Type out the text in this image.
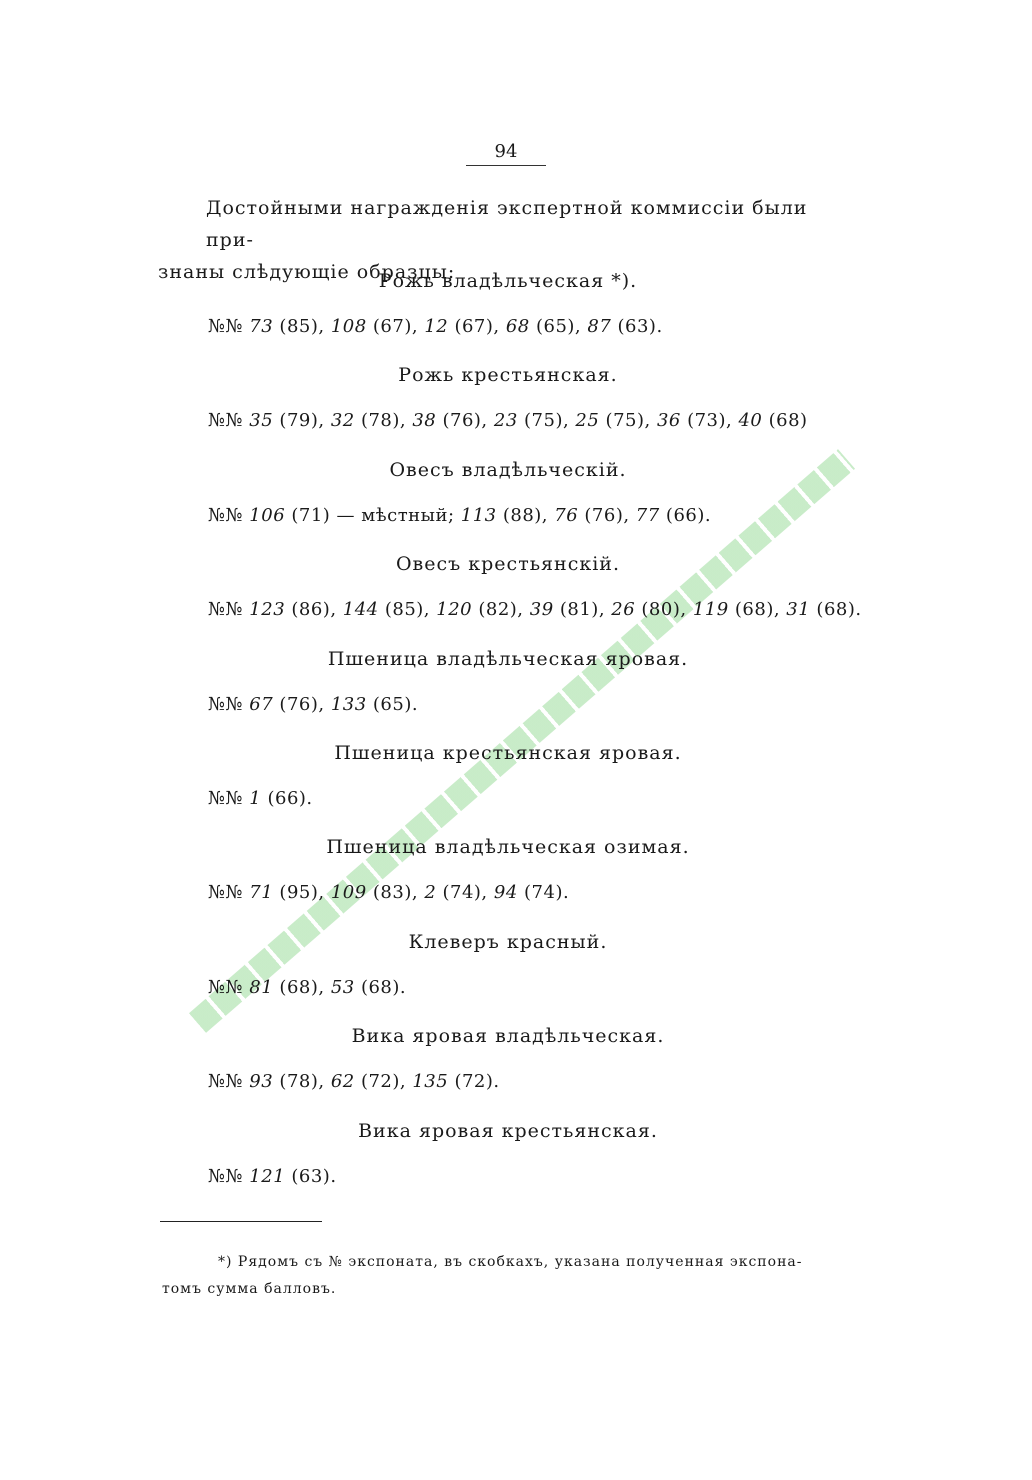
94
Достойными награжденія экспертной коммиссіи были при-
знаны слѣдующіе образцы:
Рожь владѣльческая *).
№№ 73 (85), 108 (67), 12 (67), 68 (65), 87 (63).
Рожь крестьянская.
№№ 35 (79), 32 (78), 38 (76), 23 (75), 25 (75), 36 (73), 40 (68)
Овесъ владѣльческій.
№№ 106 (71) — мѣстный; 113 (88), 76 (76), 77 (66).
Овесъ крестьянскій.
№№ 123 (86), 144 (85), 120 (82), 39 (81), 26 (80), 119 (68), 31 (68).
Пшеница владѣльческая яровая.
№№ 67 (76), 133 (65).
Пшеница крестьянская яровая.
№№ 1 (66).
Пшеница владѣльческая озимая.
№№ 71 (95), 109 (83), 2 (74), 94 (74).
Клеверъ красный.
№№ 81 (68), 53 (68).
Вика яровая владѣльческая.
№№ 93 (78), 62 (72), 135 (72).
Вика яровая крестьянская.
№№ 121 (63).
*) Рядомъ съ № экспоната, въ скобкахъ, указана полученная экспона-
томъ сумма балловъ.
